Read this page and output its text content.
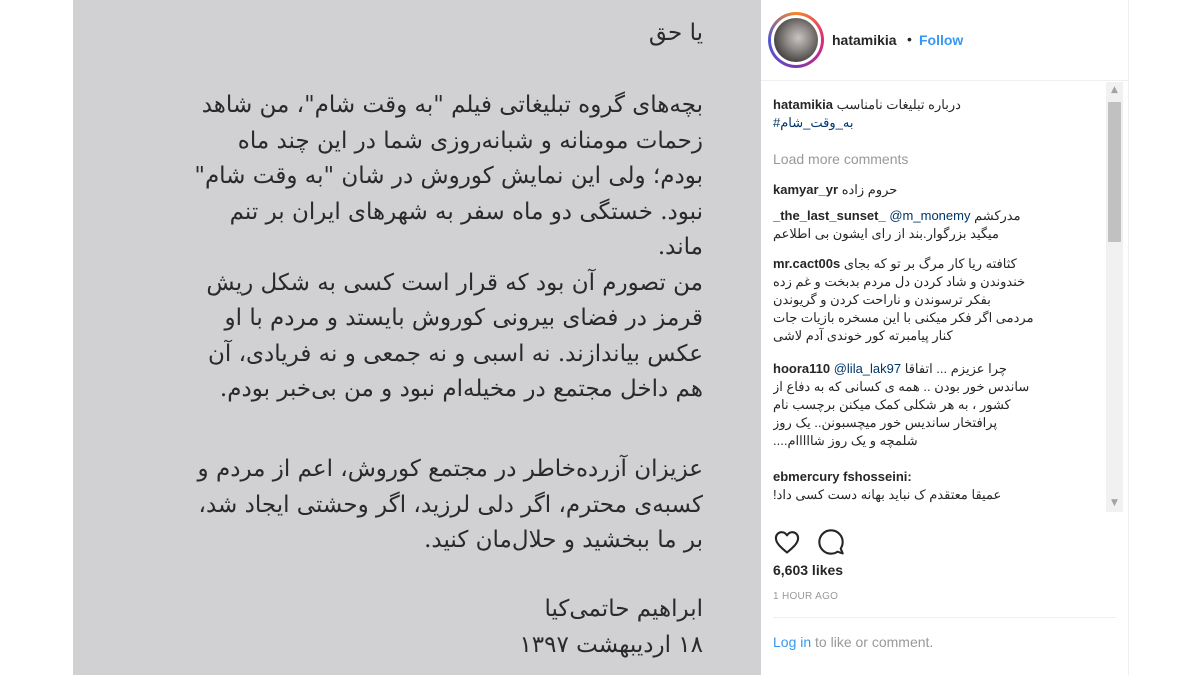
یا حق

بچه‌های گروه تبلیغاتی فیلم "به وقت شام"، من شاهد

زحمات مومنانه و شبانه‌روزی شما در این چند ماه

بودم؛ ولی این نمایش کوروش در شان "به وقت شام"

نبود. خستگی دو ماه سفر به شهرهای ایران بر تنم

ماند.

من تصورم آن بود که قرار است کسی به شکل ریش

قرمز در فضای بیرونی کوروش بایستد و مردم با او

عکس بیاندازند. نه اسبی و نه جمعی و نه فریادی، آن

هم داخل مجتمع در مخیله‌ام نبود و من بی‌خبر بودم.

عزیزان آزرده‌خاطر در مجتمع کوروش، اعم از مردم و

کسبه‌ی محترم، اگر دلی لرزید، اگر وحشتی ایجاد شد،

بر ما ببخشید و حلال‌مان کنید.

ابراهیم حاتمی‌کیا
۱۸ اردیبهشت ۱۳۹۷
hatamikia • Follow
hatamikia درباره تبلیغات نامناسب
#به_وقت_شام
Load more comments
kamyar_yr حروم زاده
_the_last_sunset_ @m_monemy مدرکشم
میگید بزرگوار.بند از رای ایشون بی اطلاعم
mr.cact00s کثافته ریا کار مرگ بر تو که بجای
خندوندن و شاد کردن دل مردم بدبخت و غم زده
بفکر ترسوندن و ناراحت کردن و گریوندن
مردمی اگر فکر میکنی با این مسخره بازیات جات
کنار پیامبرته کور خوندی آدم لاشی
hoora110 @lila_lak97 چرا عزیزم ... اتفاقا
ساندس خور بودن .. همه ی کسانی که به دفاع از
کشور ، به هر شکلی کمک میکنن برچسب نام
پرافتخار ساندیس خور میچسبونن.. یک روز
شلمچه و یک روز شااااام....
ebmercury fshosseini:
عمیقا معتقدم ک نباید بهانه دست کسی داد!
▲
▼
6,603 likes
1 HOUR AGO
Log in to like or comment.
